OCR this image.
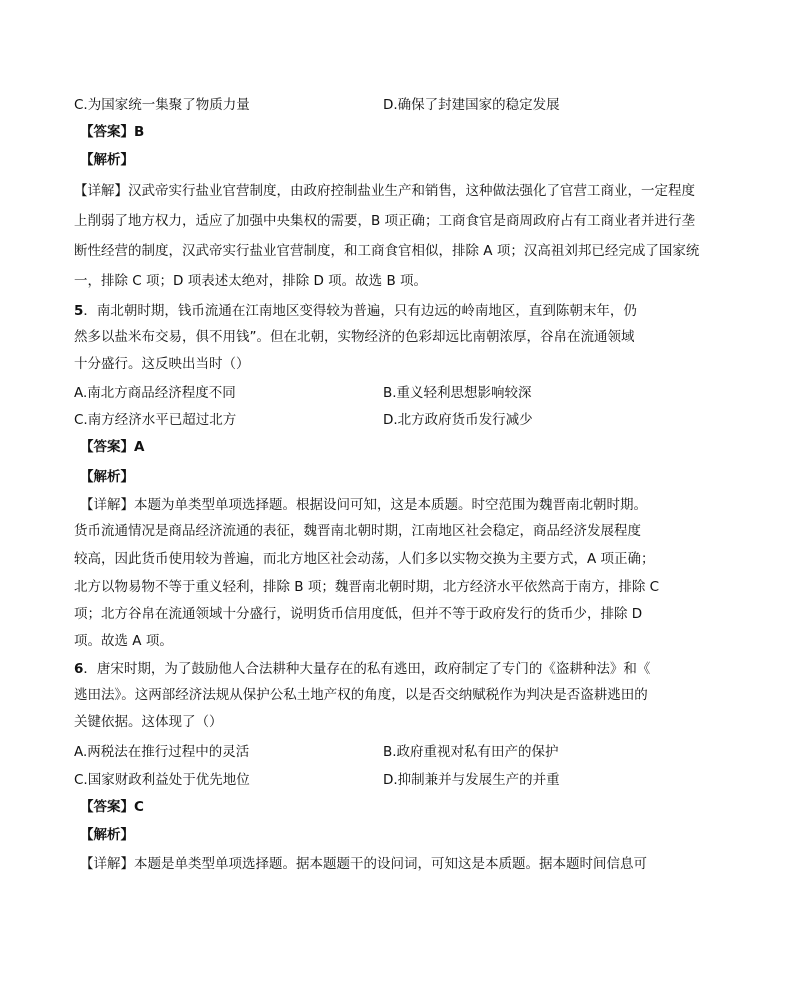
C.为国家统一集聚了物质力量	D.确保了封建国家的稳定发展
【答案】B
【解析】
【详解】汉武帝实行盐业官营制度，由政府控制盐业生产和销售，这种做法强化了官营工商业，一定程度
上削弱了地方权力，适应了加强中央集权的需要，B 项正确；工商食官是商周政府占有工商业者并进行垄
断性经营的制度，汉武帝实行盐业官营制度，和工商食官相似，排除 A 项；汉高祖刘邦已经完成了国家统
一，排除 C 项；D 项表述太绝对，排除 D 项。故选 B 项。
5．南北朝时期，钱币流通在江南地区变得较为普遍，只有边远的岭南地区，直到陈朝末年，仍
然多以盐米布交易，俱不用钱”。但在北朝，实物经济的色彩却远比南朝浓厚，谷帛在流通领域
十分盛行。这反映出当时（）
A.南北方商品经济程度不同	B.重义轻利思想影响较深
C.南方经济水平已超过北方	D.北方政府货币发行减少
【答案】A
【解析】
【详解】本题为单类型单项选择题。根据设问可知，这是本质题。时空范围为魏晋南北朝时期。
货币流通情况是商品经济流通的表征，魏晋南北朝时期，江南地区社会稳定，商品经济发展程度
较高，因此货币使用较为普遍，而北方地区社会动荡，人们多以实物交换为主要方式，A 项正确；
北方以物易物不等于重义轻利，排除 B 项；魏晋南北朝时期，北方经济水平依然高于南方，排除 C
项；北方谷帛在流通领域十分盛行，说明货币信用度低，但并不等于政府发行的货币少，排除 D
项。故选 A 项。
6．唐宋时期，为了鼓励他人合法耕种大量存在的私有逃田，政府制定了专门的《盗耕种法》和《
逃田法》。这两部经济法规从保护公私土地产权的角度，以是否交纳赋税作为判决是否盗耕逃田的
关键依据。这体现了（）
A.两税法在推行过程中的灵活	B.政府重视对私有田产的保护
C.国家财政利益处于优先地位	D.抑制兼并与发展生产的并重
【答案】C
【解析】
【详解】本题是单类型单项选择题。据本题题干的设问词，可知这是本质题。据本题时间信息可
